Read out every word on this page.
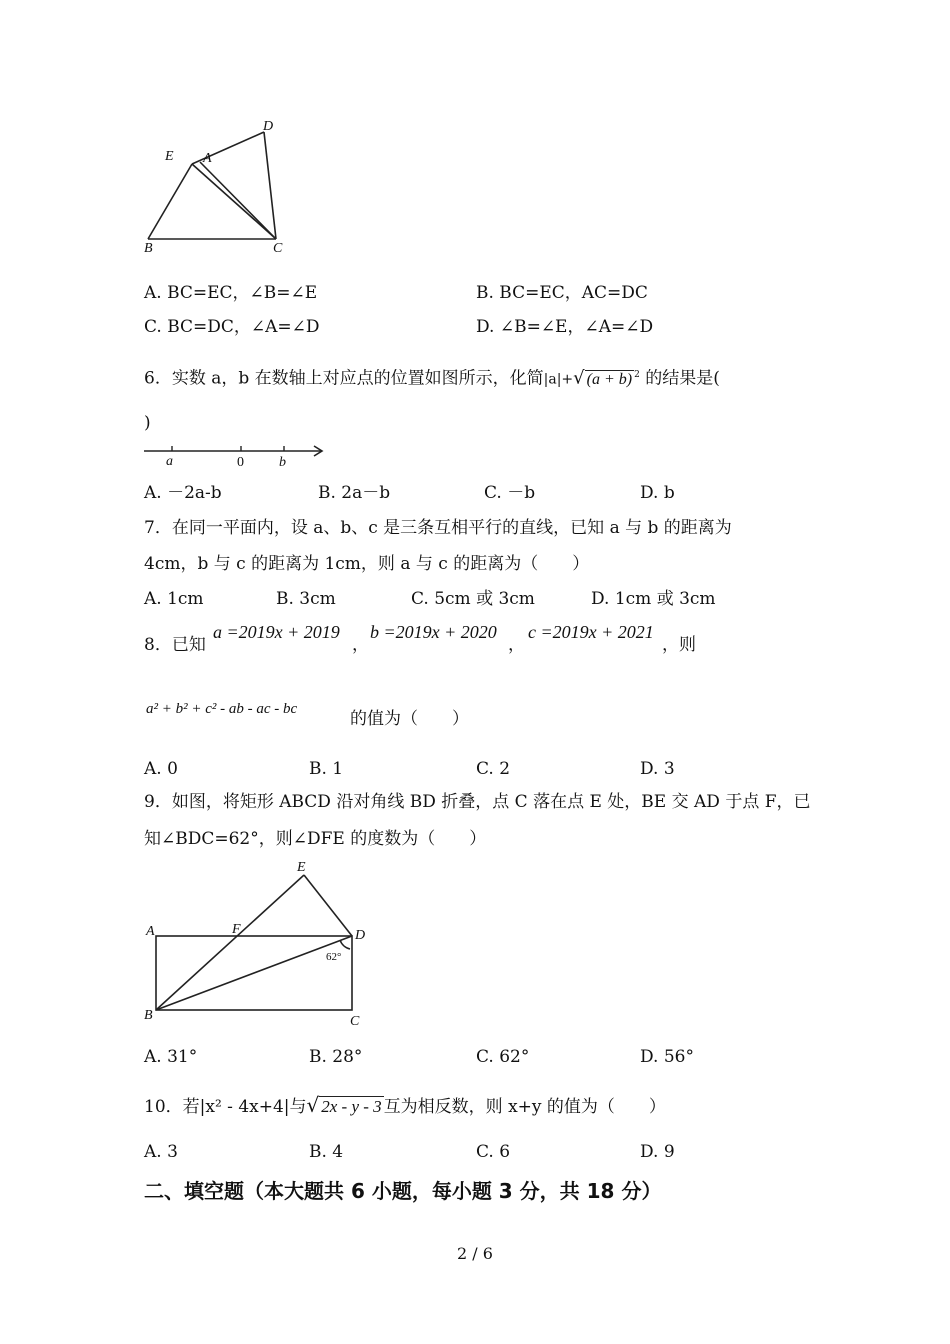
D
E A
B	C
A. BC=EC，∠B=∠E	B. BC=EC，AC=DC
C. BC=DC，∠A=∠D	D. ∠B=∠E，∠A=∠D
6．实数 a，b 在数轴上对应点的位置如图所示，化简|a|+√ (a + b) $^2$ 的结果是(
)
a	0	b
A. －2a-b	B. 2a－b	C. －b	D. b
7．在同一平面内，设 a、b、c 是三条互相平行的直线，已知 a 与 b 的距离为
4cm，b 与 c 的距离为 1cm，则 a 与 c 的距离为（　　）
A. 1cm	B. 3cm	C. 5cm 或 3cm	D. 1cm 或 3cm
8．已知
a =2019x + 2019
，
b =2019x + 2020
，
c =2019x + 2021
，则
a² + b² + c² - ab - ac - bc	的值为（　　）
A. 0	B. 1	C. 2	D. 3
9．如图，将矩形 ABCD 沿对角线 BD 折叠，点 C 落在点 E 处，BE 交 AD 于点 F，已
知∠BDC=62°，则∠DFE 的度数为（　　）
E
A	F	D
B	C
62°
A. 31°	B. 28°	C. 62°	D. 56°
10．若|x² - 4x+4|与√ 2x - y - 3 互为相反数，则 x+y 的值为（　　）
A. 3	B. 4	C. 6	D. 9
二、填空题（本大题共 6 小题，每小题 3 分，共 18 分）
2 / 6
